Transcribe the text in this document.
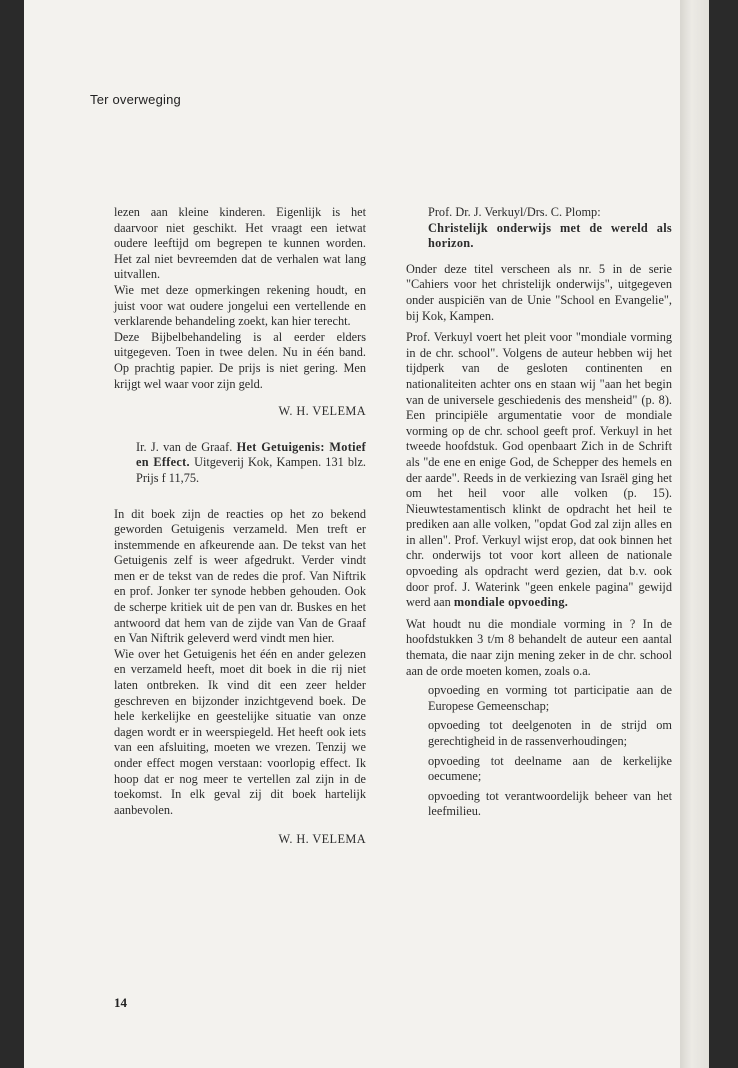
Ter overweging

lezen aan kleine kinderen. Eigenlijk is het daarvoor niet geschikt. Het vraagt een ietwat oudere leeftijd om begrepen te kunnen worden. Het zal niet bevreemden dat de verhalen wat lang uitvallen.

Wie met deze opmerkingen rekening houdt, en juist voor wat oudere jongelui een vertellende en verklarende behandeling zoekt, kan hier terecht.

Deze Bijbelbehandeling is al eerder elders uitgegeven. Toen in twee delen. Nu in één band. Op prachtig papier. De prijs is niet gering. Men krijgt wel waar voor zijn geld.

W. H. VELEMA

Ir. J. van de Graaf. Het Getuigenis: Motief en Effect. Uitgeverij Kok, Kampen. 131 blz. Prijs f 11,75.

In dit boek zijn de reacties op het zo bekend geworden Getuigenis verzameld. Men treft er instemmende en afkeurende aan. De tekst van het Getuigenis zelf is weer afgedrukt. Verder vindt men er de tekst van de redes die prof. Van Niftrik en prof. Jonker ter synode hebben gehouden. Ook de scherpe kritiek uit de pen van dr. Buskes en het antwoord dat hem van de zijde van Van de Graaf en Van Niftrik geleverd werd vindt men hier.

Wie over het Getuigenis het één en ander gelezen en verzameld heeft, moet dit boek in die rij niet laten ontbreken. Ik vind dit een zeer helder geschreven en bijzonder inzichtgevend boek. De hele kerkelijke en geestelijke situatie van onze dagen wordt er in weerspiegeld. Het heeft ook iets van een afsluiting, moeten we vrezen. Tenzij we onder effect mogen verstaan: voorlopig effect. Ik hoop dat er nog meer te vertellen zal zijn in de toekomst. In elk geval zij dit boek hartelijk aanbevolen.

W. H. VELEMA

Prof. Dr. J. Verkuyl/Drs. C. Plomp:

Christelijk onderwijs met de wereld als horizon.

Onder deze titel verscheen als nr. 5 in de serie "Cahiers voor het christelijk onderwijs", uitgegeven onder auspiciën van de Unie "School en Evangelie", bij Kok, Kampen.

Prof. Verkuyl voert het pleit voor "mondiale vorming in de chr. school". Volgens de auteur hebben wij het tijdperk van de gesloten continenten en nationaliteiten achter ons en staan wij "aan het begin van de universele geschiedenis des mensheid" (p. 8). Een principiële argumentatie voor de mondiale vorming op de chr. school geeft prof. Verkuyl in het tweede hoofdstuk. God openbaart Zich in de Schrift als "de ene en enige God, de Schepper des hemels en der aarde". Reeds in de verkiezing van Israël ging het om het heil voor alle volken (p. 15). Nieuwtestamentisch klinkt de opdracht het heil te prediken aan alle volken, "opdat God zal zijn alles en in allen". Prof. Verkuyl wijst erop, dat ook binnen het chr. onderwijs tot voor kort alleen de nationale opvoeding als opdracht werd gezien, dat b.v. ook door prof. J. Waterink "geen enkele pagina" gewijd werd aan mondiale opvoeding.

Wat houdt nu die mondiale vorming in ? In de hoofdstukken 3 t/m 8 behandelt de auteur een aantal themata, die naar zijn mening zeker in de chr. school aan de orde moeten komen, zoals o.a.

opvoeding en vorming tot participatie aan de Europese Gemeenschap;

opvoeding tot deelgenoten in de strijd om gerechtigheid in de rassenverhoudingen;

opvoeding tot deelname aan de kerkelijke oecumene;

opvoeding tot verantwoordelijk beheer van het leefmilieu.

14
